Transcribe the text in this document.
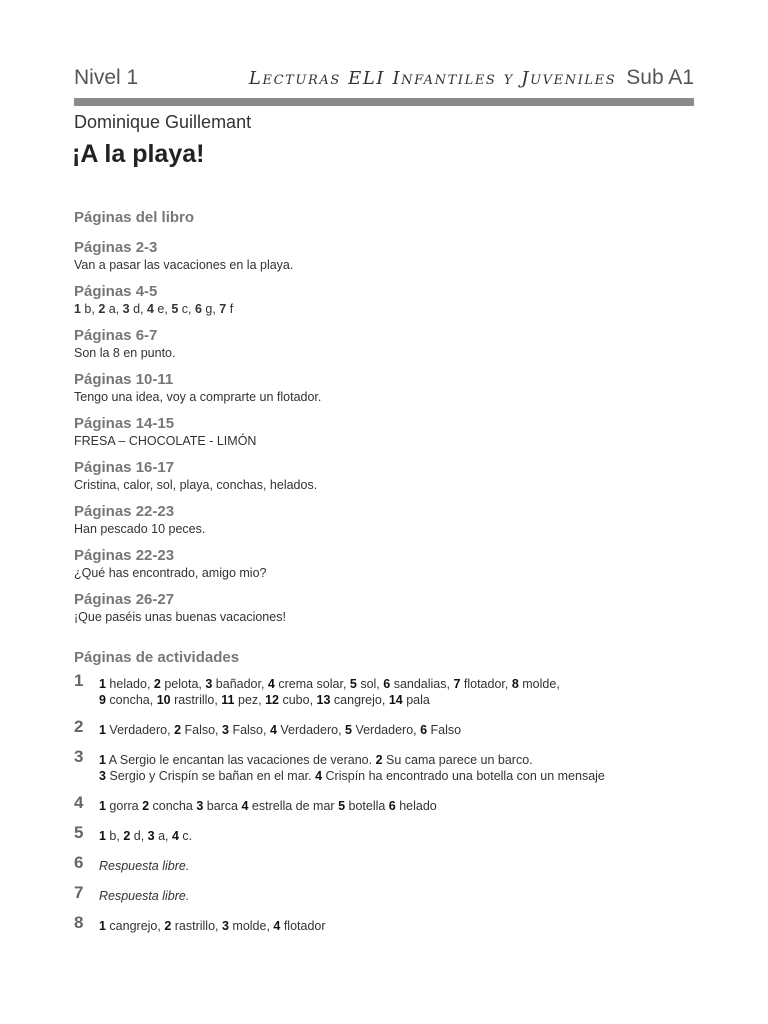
Nivel 1	Lecturas ELI Infantiles y Juveniles Sub A1
Dominique Guillemant
¡A la playa!
Páginas del libro
Páginas 2-3
Van a pasar las vacaciones en la playa.
Páginas 4-5
1 b, 2 a, 3 d, 4 e, 5 c, 6 g, 7 f
Páginas 6-7
Son la 8 en punto.
Páginas 10-11
Tengo una idea, voy a comprarte un flotador.
Páginas 14-15
FRESA – CHOCOLATE - LIMÓN
Páginas 16-17
Cristina, calor, sol, playa, conchas, helados.
Páginas 22-23
Han pescado 10 peces.
Páginas 22-23
¿Qué has encontrado, amigo mio?
Páginas 26-27
¡Que paséis unas buenas vacaciones!
Páginas de actividades
1 1 helado, 2 pelota, 3 bañador, 4 crema solar, 5 sol, 6 sandalias, 7 flotador, 8 molde,
9 concha, 10 rastrillo, 11 pez, 12 cubo, 13 cangrejo, 14 pala
2 1 Verdadero, 2 Falso, 3 Falso, 4 Verdadero, 5 Verdadero, 6 Falso
3 1 A Sergio le encantan las vacaciones de verano. 2 Su cama parece un barco.
3 Sergio y Crispín se bañan en el mar. 4 Crispín ha encontrado una botella con un mensaje
4 1 gorra 2 concha 3 barca 4 estrella de mar 5 botella 6 helado
5 1 b, 2 d, 3 a, 4 c.
6 Respuesta libre.
7 Respuesta libre.
8 1 cangrejo, 2 rastrillo, 3 molde, 4 flotador
